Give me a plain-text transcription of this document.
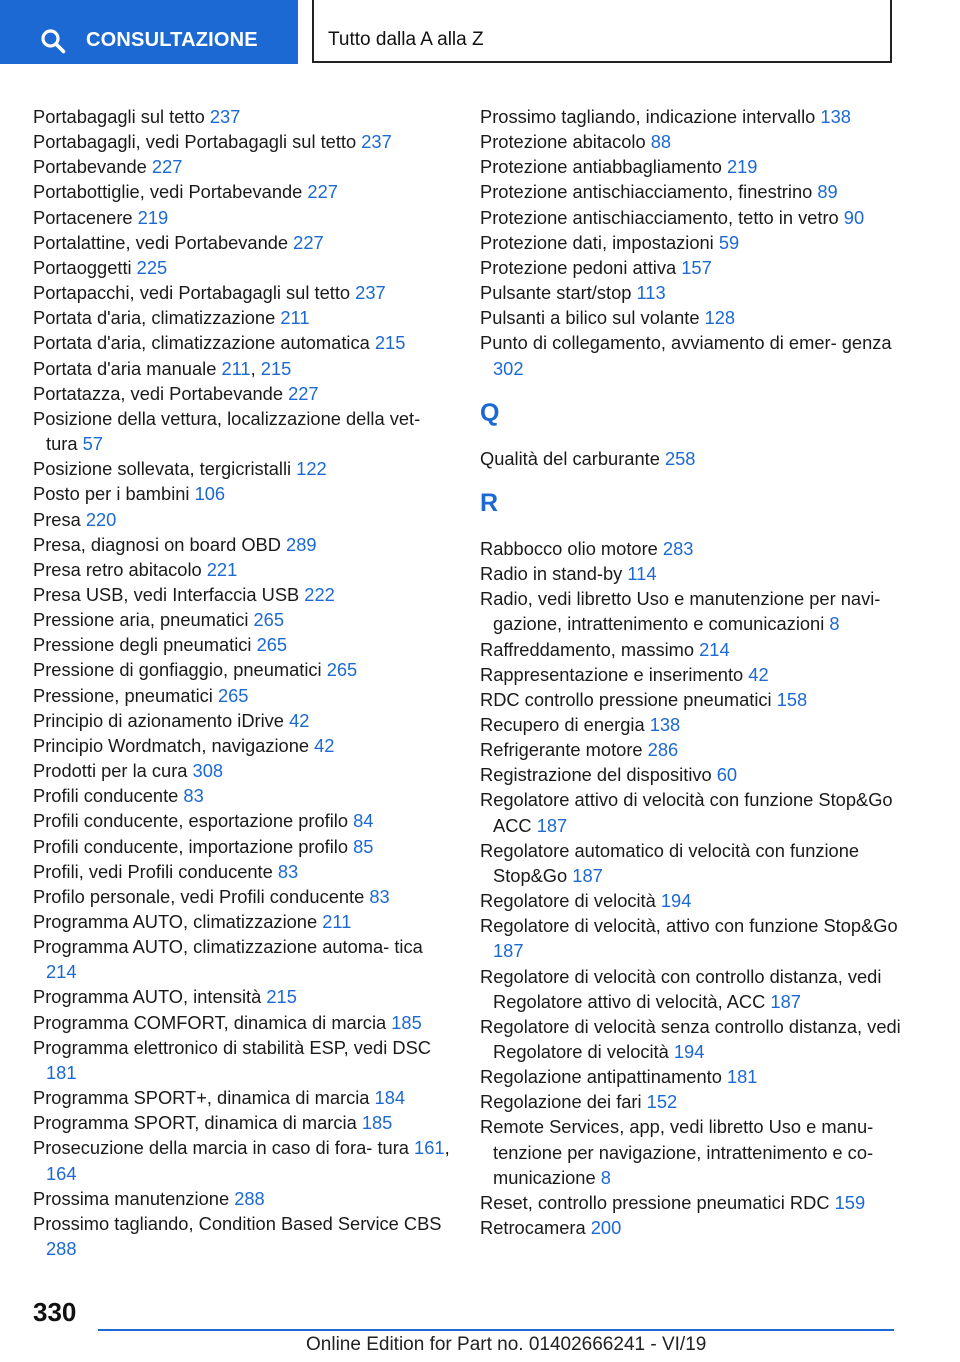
CONSULTAZIONE	Tutto dalla A alla Z
Portabagagli sul tetto 237
Portabagagli, vedi Portabagagli sul tetto 237
Portabevande 227
Portabottiglie, vedi Portabevande 227
Portacenere 219
Portalattine, vedi Portabevande 227
Portaoggetti 225
Portapacchi, vedi Portabagagli sul tetto 237
Portata d'aria, climatizzazione 211
Portata d'aria, climatizzazione automatica 215
Portata d'aria manuale 211, 215
Portatazza, vedi Portabevande 227
Posizione della vettura, localizzazione della vet‐ tura 57
Posizione sollevata, tergicristalli 122
Posto per i bambini 106
Presa 220
Presa, diagnosi on board OBD 289
Presa retro abitacolo 221
Presa USB, vedi Interfaccia USB 222
Pressione aria, pneumatici 265
Pressione degli pneumatici 265
Pressione di gonfiaggio, pneumatici 265
Pressione, pneumatici 265
Principio di azionamento iDrive 42
Principio Wordmatch, navigazione 42
Prodotti per la cura 308
Profili conducente 83
Profili conducente, esportazione profilo 84
Profili conducente, importazione profilo 85
Profili, vedi Profili conducente 83
Profilo personale, vedi Profili conducente 83
Programma AUTO, climatizzazione 211
Programma AUTO, climatizzazione automa‐ tica 214
Programma AUTO, intensità 215
Programma COMFORT, dinamica di marcia 185
Programma elettronico di stabilità ESP, vedi DSC 181
Programma SPORT+, dinamica di marcia 184
Programma SPORT, dinamica di marcia 185
Prosecuzione della marcia in caso di fora‐ tura 161, 164
Prossima manutenzione 288
Prossimo tagliando, Condition Based Service CBS 288
Prossimo tagliando, indicazione intervallo 138
Protezione abitacolo 88
Protezione antiabbagliamento 219
Protezione antischiacciamento, finestrino 89
Protezione antischiacciamento, tetto in vetro 90
Protezione dati, impostazioni 59
Protezione pedoni attiva 157
Pulsante start/stop 113
Pulsanti a bilico sul volante 128
Punto di collegamento, avviamento di emer‐ genza 302
Q
Qualità del carburante 258
R
Rabbocco olio motore 283
Radio in stand-by 114
Radio, vedi libretto Uso e manutenzione per navi‐ gazione, intrattenimento e comunicazioni 8
Raffreddamento, massimo 214
Rappresentazione e inserimento 42
RDC controllo pressione pneumatici 158
Recupero di energia 138
Refrigerante motore 286
Registrazione del dispositivo 60
Regolatore attivo di velocità con funzione Stop&Go ACC 187
Regolatore automatico di velocità con funzione Stop&Go 187
Regolatore di velocità 194
Regolatore di velocità, attivo con funzione Stop&Go 187
Regolatore di velocità con controllo distanza, vedi Regolatore attivo di velocità, ACC 187
Regolatore di velocità senza controllo distanza, vedi Regolatore di velocità 194
Regolazione antipattinamento 181
Regolazione dei fari 152
Remote Services, app, vedi libretto Uso e manu‐ tenzione per navigazione, intrattenimento e co‐ municazione 8
Reset, controllo pressione pneumatici RDC 159
Retrocamera 200
330
Online Edition for Part no. 01402666241 - VI/19
